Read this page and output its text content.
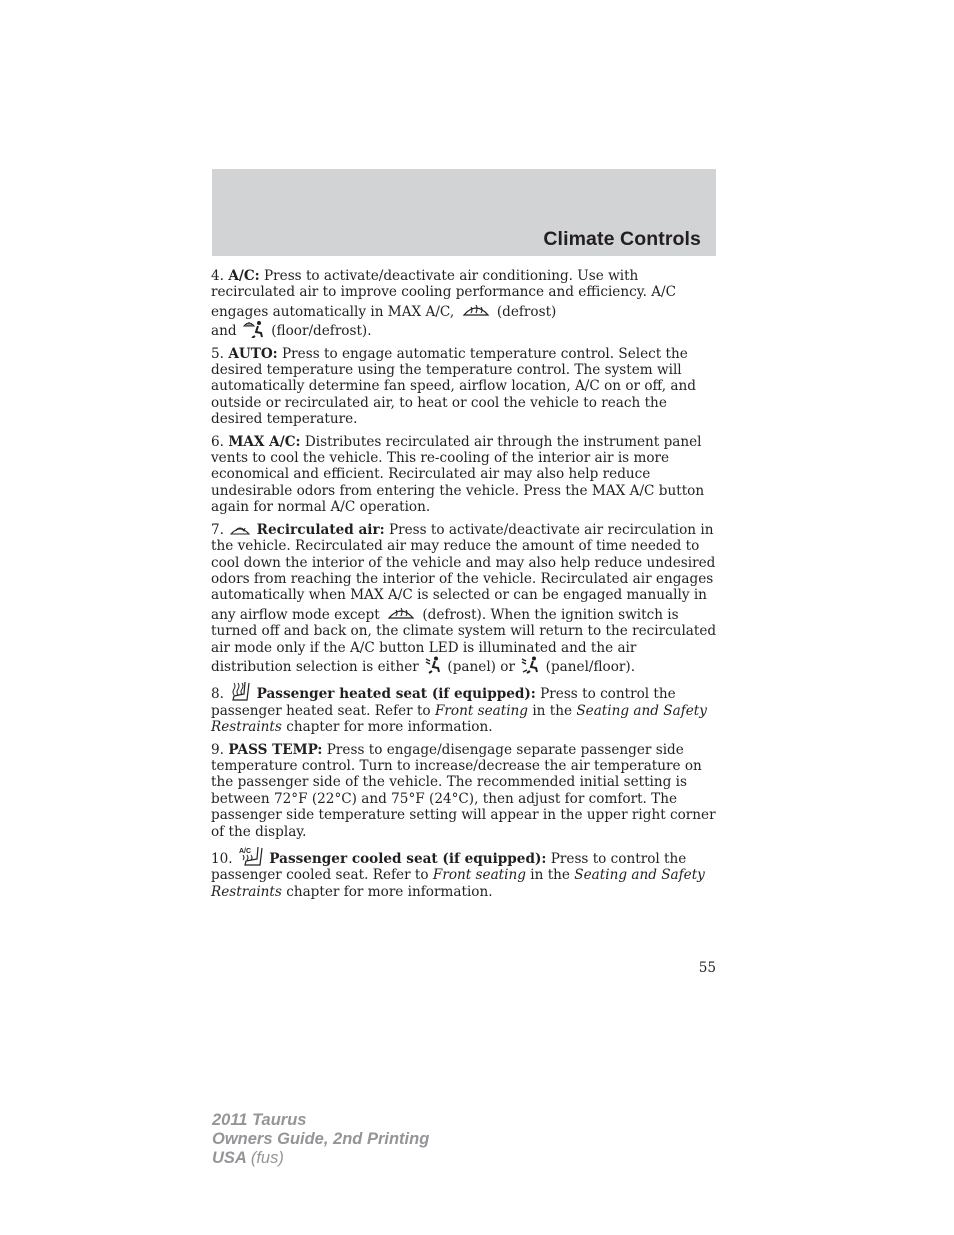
Climate Controls

4. A/C: Press to activate/deactivate air conditioning. Use with recirculated air to improve cooling performance and efficiency. A/C engages automatically in MAX A/C,	(defrost)

and	(floor/defrost).

5. AUTO: Press to engage automatic temperature control. Select the desired temperature using the temperature control. The system will automatically determine fan speed, airflow location, A/C on or off, and outside or recirculated air, to heat or cool the vehicle to reach the desired temperature.

6. MAX A/C: Distributes recirculated air through the instrument panel vents to cool the vehicle. This re-cooling of the interior air is more economical and efficient. Recirculated air may also help reduce undesirable odors from entering the vehicle. Press the MAX A/C button again for normal A/C operation.

7. Recirculated air: Press to activate/deactivate air recirculation in the vehicle. Recirculated air may reduce the amount of time needed to cool down the interior of the vehicle and may also help reduce undesired odors from reaching the interior of the vehicle. Recirculated air engages automatically when MAX A/C is selected or can be engaged manually in any airflow mode except	(defrost). When the ignition switch is turned off and back on, the climate system will return to the recirculated air mode only if the A/C button LED is illuminated and the air distribution selection is either (panel) or (panel/floor).

8. Passenger heated seat (if equipped): Press to control the passenger heated seat. Refer to Front seating in the Seating and Safety Restraints chapter for more information.

9. PASS TEMP: Press to engage/disengage separate passenger side temperature control. Turn to increase/decrease the air temperature on the passenger side of the vehicle. The recommended initial setting is between 72°F (22°C) and 75°F (24°C), then adjust for comfort. The passenger side temperature setting will appear in the upper right corner of the display.

10. A/C Passenger cooled seat (if equipped): Press to control the passenger cooled seat. Refer to Front seating in the Seating and Safety Restraints chapter for more information.

55
2011 Taurus
Owners Guide, 2nd Printing
USA (fus)
